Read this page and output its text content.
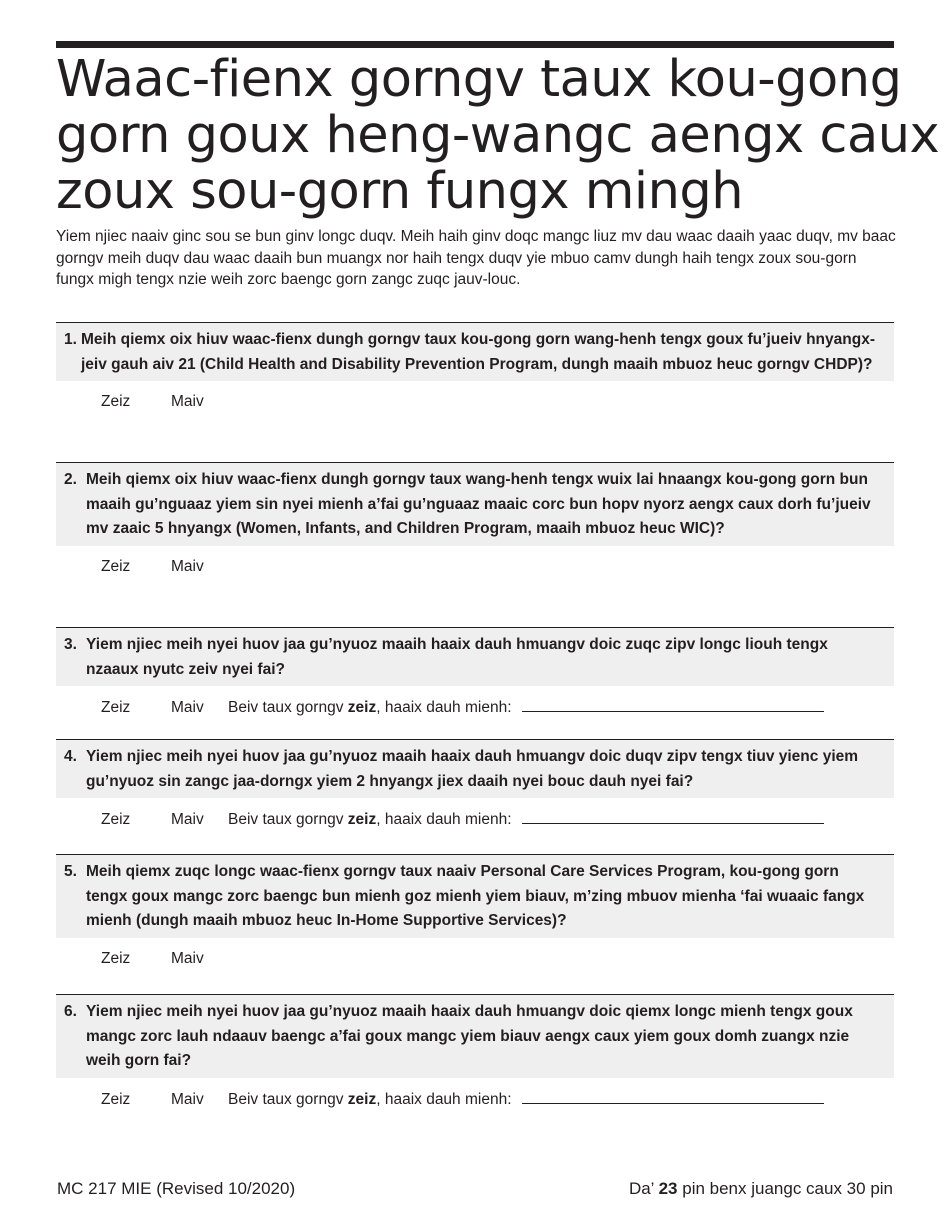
Waac-fienx gorngv taux kou-gong
gorn goux heng-wangc aengx caux
zoux sou-gorn fungx mingh

Yiem njiec naaiv ginc sou se bun ginv longc duqv. Meih haih ginv doqc mangc liuz mv dau waac daaih yaac duqv, mv baac gorngv meih duqv dau waac daaih bun muangx nor haih tengx duqv yie mbuo camv dungh haih tengx zoux sou-gorn fungx migh tengx nzie weih zorc baengc gorn zangc zuqc jauv-louc.

1. Meih qiemx oix hiuv waac-fienx dungh gorngv taux kou-gong gorn wang-henh tengx goux fu’jueiv hnyangx-jeiv gauh aiv 21 (Child Health and Disability Prevention Program, dungh maaih mbuoz heuc gorngv CHDP)?
Zeiz	Maiv
2. Meih qiemx oix hiuv waac-fienx dungh gorngv taux wang-henh tengx wuix lai hnaangx kou-gong gorn bun maaih gu’nguaaz yiem sin nyei mienh a’fai gu’nguaaz maaic corc bun hopv nyorz aengx caux dorh fu’jueiv mv zaaic 5 hnyangx (Women, Infants, and Children Program, maaih mbuoz heuc WIC)?
Zeiz	Maiv
3. Yiem njiec meih nyei huov jaa gu’nyuoz maaih haaix dauh hmuangv doic zuqc zipv longc liouh tengx nzaaux nyutc zeiv nyei fai?
Zeiz	Maiv Beiv taux gorngv zeiz, haaix dauh mienh:
4. Yiem njiec meih nyei huov jaa gu’nyuoz maaih haaix dauh hmuangv doic duqv zipv tengx tiuv yienc yiem gu’nyuoz sin zangc jaa-dorngx yiem 2 hnyangx jiex daaih nyei bouc dauh nyei fai?
Zeiz	Maiv Beiv taux gorngv zeiz, haaix dauh mienh:
5. Meih qiemx zuqc longc waac-fienx gorngv taux naaiv Personal Care Services Program, kou-gong gorn tengx goux mangc zorc baengc bun mienh goz mienh yiem biauv, m’zing mbuov mienha ‘fai wuaaic fangx mienh (dungh maaih mbuoz heuc In-Home Supportive Services)?
Zeiz	Maiv
6. Yiem njiec meih nyei huov jaa gu’nyuoz maaih haaix dauh hmuangv doic qiemx longc mienh tengx goux mangc zorc lauh ndaauv baengc a’fai goux mangc yiem biauv aengx caux yiem goux domh zuangx nzie weih gorn fai?
Zeiz	Maiv Beiv taux gorngv zeiz, haaix dauh mienh:
MC 217 MIE (Revised 10/2020)	Da’ 23 pin benx juangc caux 30 pin
